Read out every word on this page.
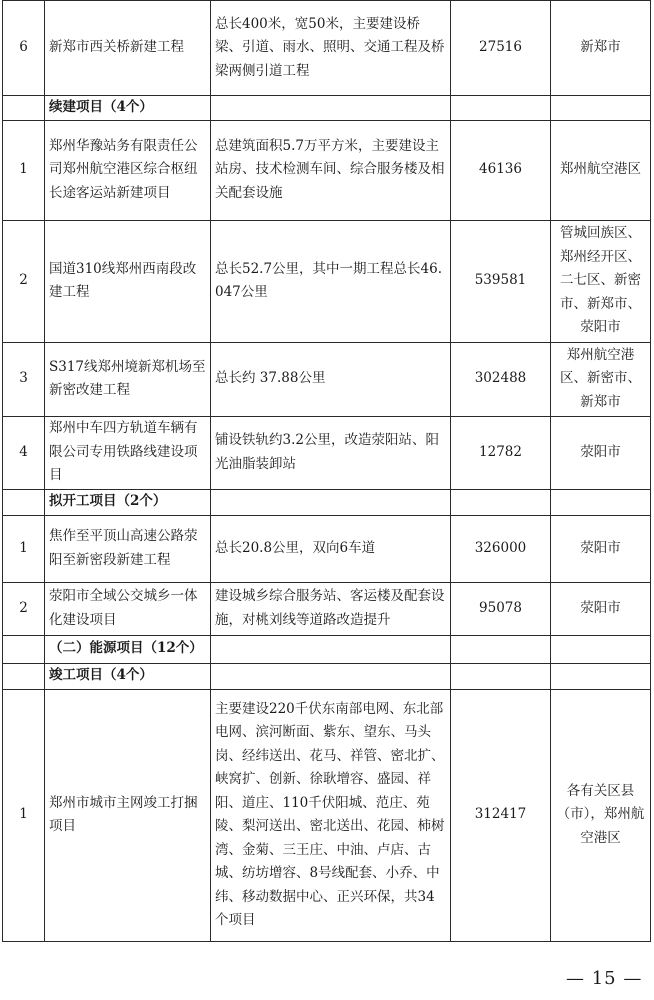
6	新郑市西关桥新建工程	总长400米，宽50米，主要建设桥梁、引道、雨水、照明、交通工程及桥梁两侧引道工程	27516	新郑市
	续建项目（4个）			
1	郑州华豫站务有限责任公司郑州航空港区综合枢纽长途客运站新建项目	总建筑面积5.7万平方米，主要建设主站房、技术检测车间、综合服务楼及相关配套设施	46136	郑州航空港区
2	国道310线郑州西南段改建工程	总长52.7公里，其中一期工程总长46.047公里	539581	管城回族区、郑州经开区、二七区、新密市、新郑市、荥阳市
3	S317线郑州境新郑机场至新密改建工程	总长约 37.88公里	302488	郑州航空港区、新密市、新郑市
4	郑州中车四方轨道车辆有限公司专用铁路线建设项目	铺设铁轨约3.2公里，改造荥阳站、阳光油脂装卸站	12782	荥阳市
	拟开工项目（2个）			
1	焦作至平顶山高速公路荥阳至新密段新建工程	总长20.8公里，双向6车道	326000	荥阳市
2	荥阳市全域公交城乡一体化建设项目	建设城乡综合服务站、客运楼及配套设施，对桃刘线等道路改造提升	95078	荥阳市
	（二）能源项目（12个）			
	竣工项目（4个）			
1	郑州市城市主网竣工打捆项目	主要建设220千伏东南部电网、东北部电网、滨河断面、紫东、望东、马头岗、经纬送出、花马、祥管、密北扩、峡窝扩、创新、徐耿增容、盛园、祥阳、道庄、110千伏阳城、范庄、苑陵、梨河送出、密北送出、花园、柿树湾、金菊、三王庄、中油、卢店、古城、纺坊增容、8号线配套、小乔、中纬、移动数据中心、正兴环保，共34个项目	312417	各有关区县（市），郑州航空港区
— 15 —
